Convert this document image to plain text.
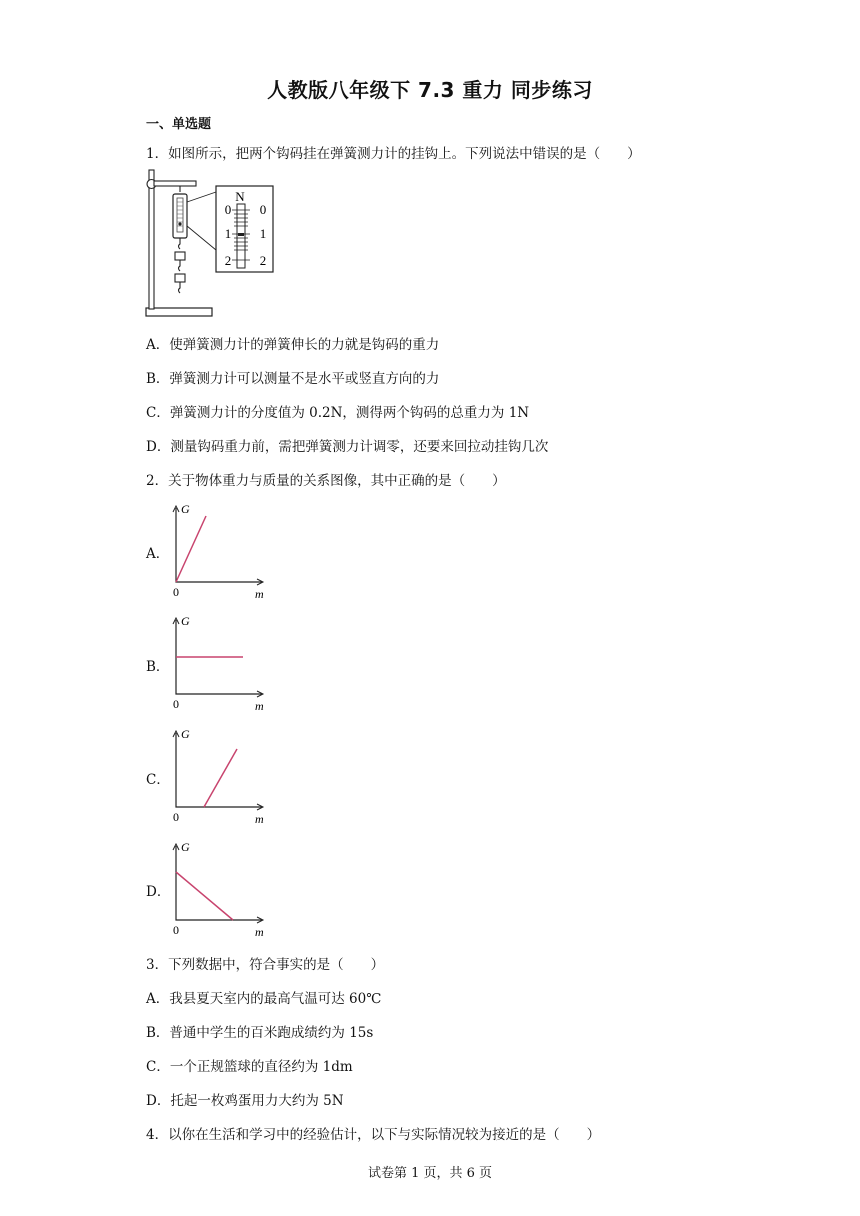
人教版八年级下 7.3 重力 同步练习
一、单选题
1．如图所示，把两个钩码挂在弹簧测力计的挂钩上。下列说法中错误的是（　　）
N
0
1
2
0
1
2
A．使弹簧测力计的弹簧伸长的力就是钩码的重力
B．弹簧测力计可以测量不是水平或竖直方向的力
C．弹簧测力计的分度值为 0.2N，测得两个钩码的总重力为 1N
D．测量钩码重力前，需把弹簧测力计调零，还要来回拉动挂钩几次
2．关于物体重力与质量的关系图像，其中正确的是（　　）
A．
B．
C．
D．
G
m
0
G
m
0
G
m
0
G
m
0
3．下列数据中，符合事实的是（　　）
A．我县夏天室内的最高气温可达 60℃
B．普通中学生的百米跑成绩约为 15s
C．一个正规篮球的直径约为 1dm
D．托起一枚鸡蛋用力大约为 5N
4．以你在生活和学习中的经验估计，以下与实际情况较为接近的是（　　）
试卷第 1 页，共 6 页
